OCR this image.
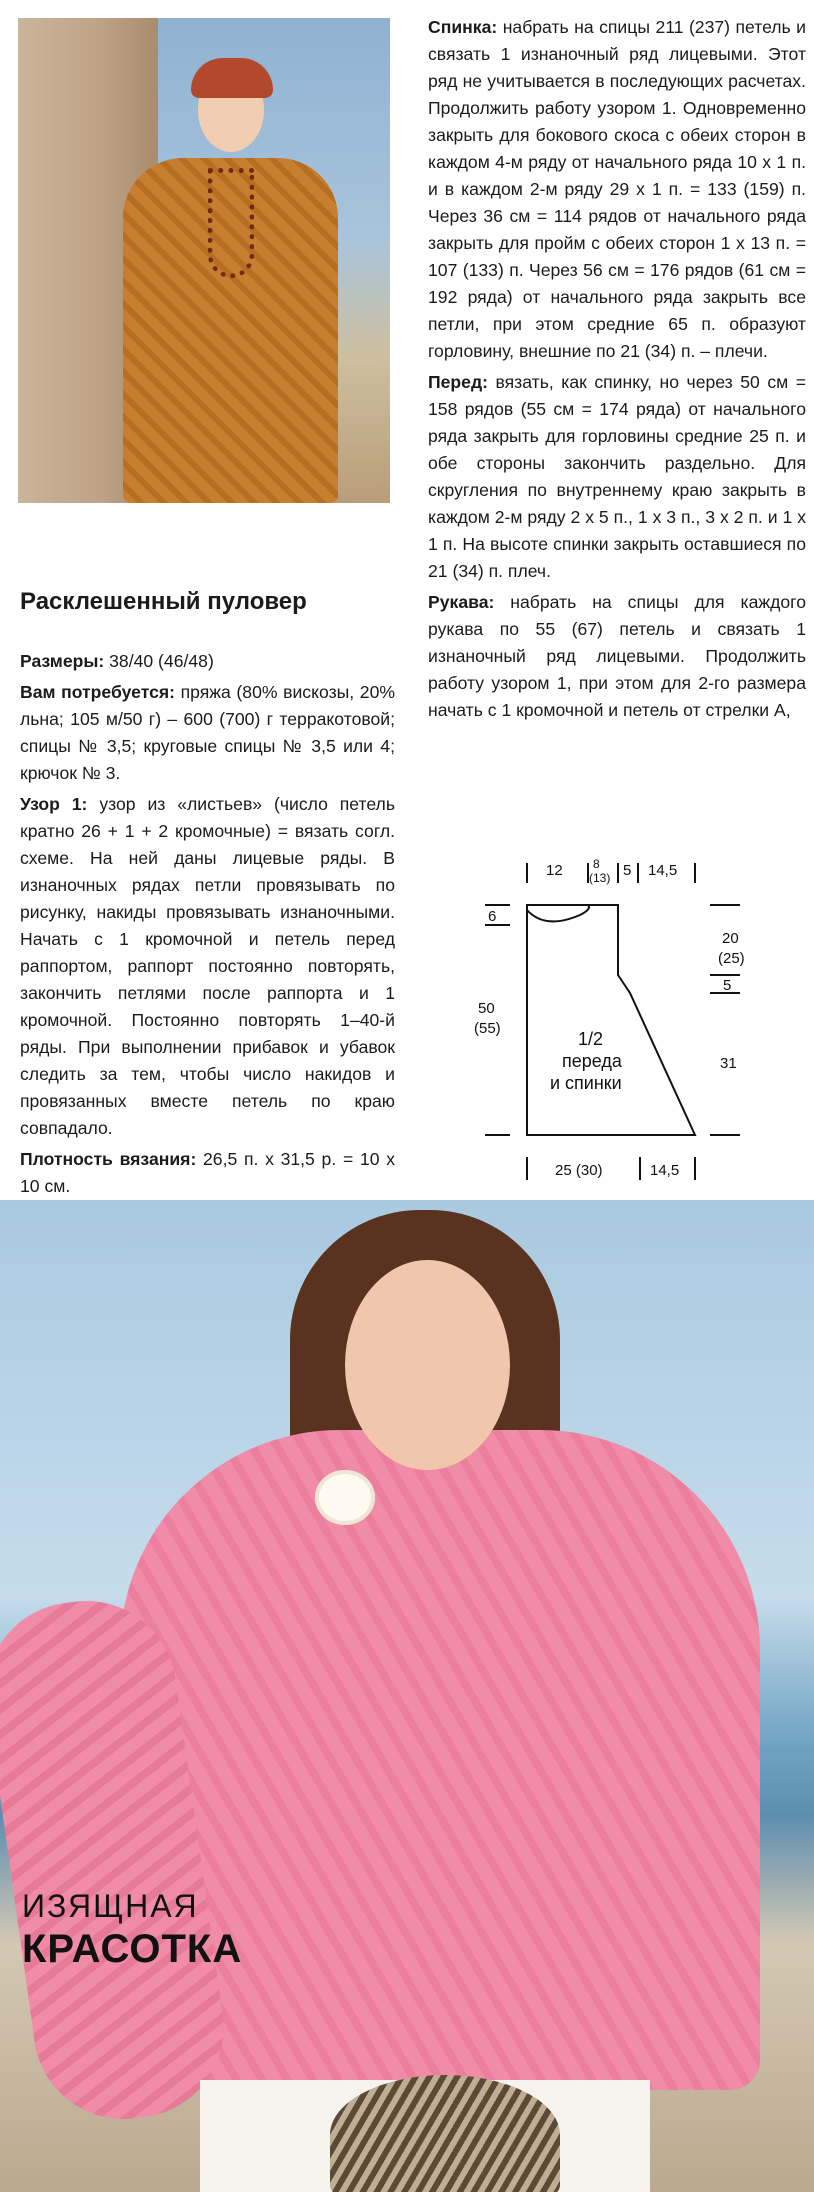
Спинка: набрать на спицы 211 (237) петель и связать 1 изнаночный ряд лицевыми. Этот ряд не учитывается в последующих расчетах. Продолжить работу узором 1. Одновременно закрыть для бокового скоса с обеих сторон в каждом 4-м ряду от начального ряда 10 х 1 п. и в каждом 2-м ряду 29 х 1 п. = 133 (159) п. Через 36 см = 114 рядов от начального ряда закрыть для пройм с обеих сторон 1 х 13 п. = 107 (133) п. Через 56 см = 176 рядов (61 см = 192 ряда) от начального ряда закрыть все петли, при этом средние 65 п. образуют горловину, внешние по 21 (34) п. – плечи.

Перед: вязать, как спинку, но через 50 см = 158 рядов (55 см = 174 ряда) от начального ряда закрыть для горловины средние 25 п. и обе стороны закончить раздельно. Для скругления по внутреннему краю закрыть в каждом 2-м ряду 2 х 5 п., 1 х 3 п., 3 х 2 п. и 1 х 1 п. На высоте спинки закрыть оставшиеся по 21 (34) п. плеч.

Рукава: набрать на спицы для каждого рукава по 55 (67) петель и связать 1 изнаночный ряд лицевыми. Продолжить работу узором 1, при этом для 2-го размера начать с 1 кромочной и петель от стрелки А,

Расклешенный пуловер

Размеры: 38/40 (46/48)

Вам потребуется: пряжа (80% вискозы, 20% льна; 105 м/50 г) – 600 (700) г терракотовой; спицы № 3,5; круговые спицы № 3,5 или 4; крючок № 3.

Узор 1: узор из «листьев» (число петель кратно 26 + 1 + 2 кромочные) = вязать согл. схеме. На ней даны лицевые ряды. В изнаночных рядах петли провязывать по рисунку, накиды провязывать изнаночными. Начать с 1 кромочной и петель перед раппортом, раппорт постоянно повторять, закончить петлями после раппорта и 1 кромочной. Постоянно повторять 1–40-й ряды. При выполнении прибавок и убавок следить за тем, чтобы число накидов и провязанных вместе петель по краю совпадало.

Плотность вязания: 26,5 п. х 31,5 р. = 10 х 10 см.

12	8
(13) 5 14,5
6
50
(55)
20
(25)
5
31
1/2
переда
и спинки
25 (30)	14,5
ИЗЯЩНАЯ
КРАСОТКА
